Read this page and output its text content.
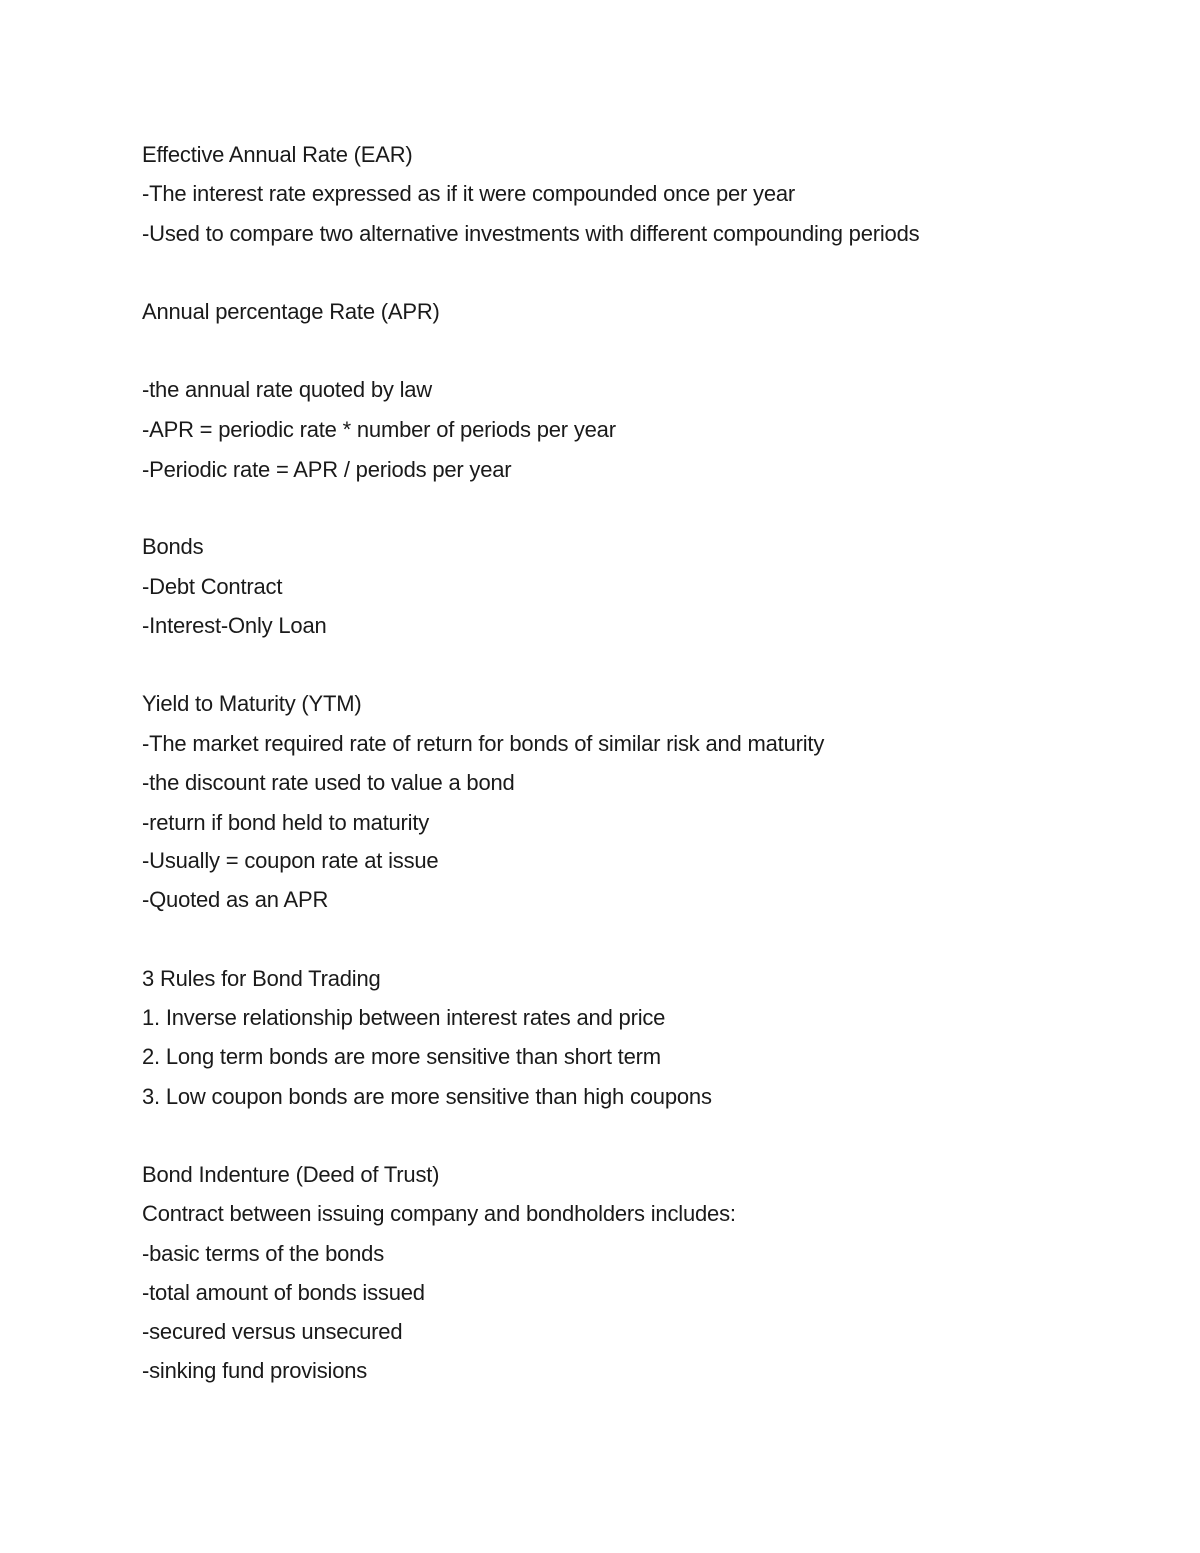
Effective Annual Rate (EAR)
-The interest rate expressed as if it were compounded once per year
-Used to compare two alternative investments with different compounding periods
Annual percentage Rate (APR)
-the annual rate quoted by law
-APR = periodic rate * number of periods per year
-Periodic rate = APR / periods per year
Bonds
-Debt Contract
-Interest-Only Loan
Yield to Maturity (YTM)
-The market required rate of return for bonds of similar risk and maturity
-the discount rate used to value a bond
-return if bond held to maturity
-Usually = coupon rate at issue
-Quoted as an APR
3 Rules for Bond Trading
1. Inverse relationship between interest rates and price
2. Long term bonds are more sensitive than short term
3. Low coupon bonds are more sensitive than high coupons
Bond Indenture (Deed of Trust)
Contract between issuing company and bondholders includes:
-basic terms of the bonds
-total amount of bonds issued
-secured versus unsecured
-sinking fund provisions
